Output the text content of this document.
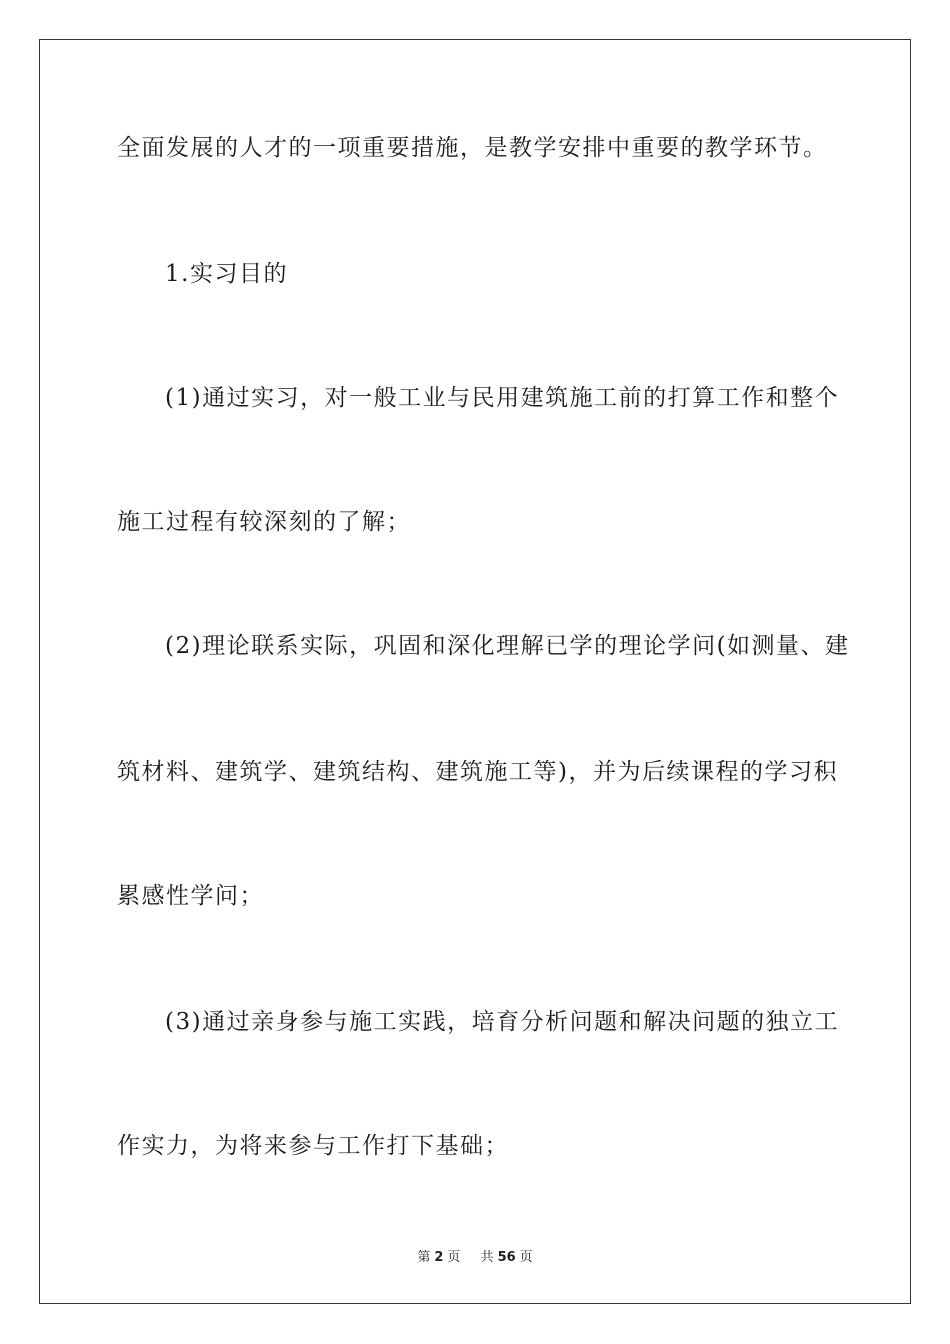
全面发展的人才的一项重要措施，是教学安排中重要的教学环节。
1.实习目的
(1)通过实习，对一般工业与民用建筑施工前的打算工作和整个
施工过程有较深刻的了解；
(2)理论联系实际，巩固和深化理解已学的理论学问(如测量、建
筑材料、建筑学、建筑结构、建筑施工等)，并为后续课程的学习积
累感性学问；
(3)通过亲身参与施工实践，培育分析问题和解决问题的独立工
作实力，为将来参与工作打下基础；
第 2 页 共 56 页
